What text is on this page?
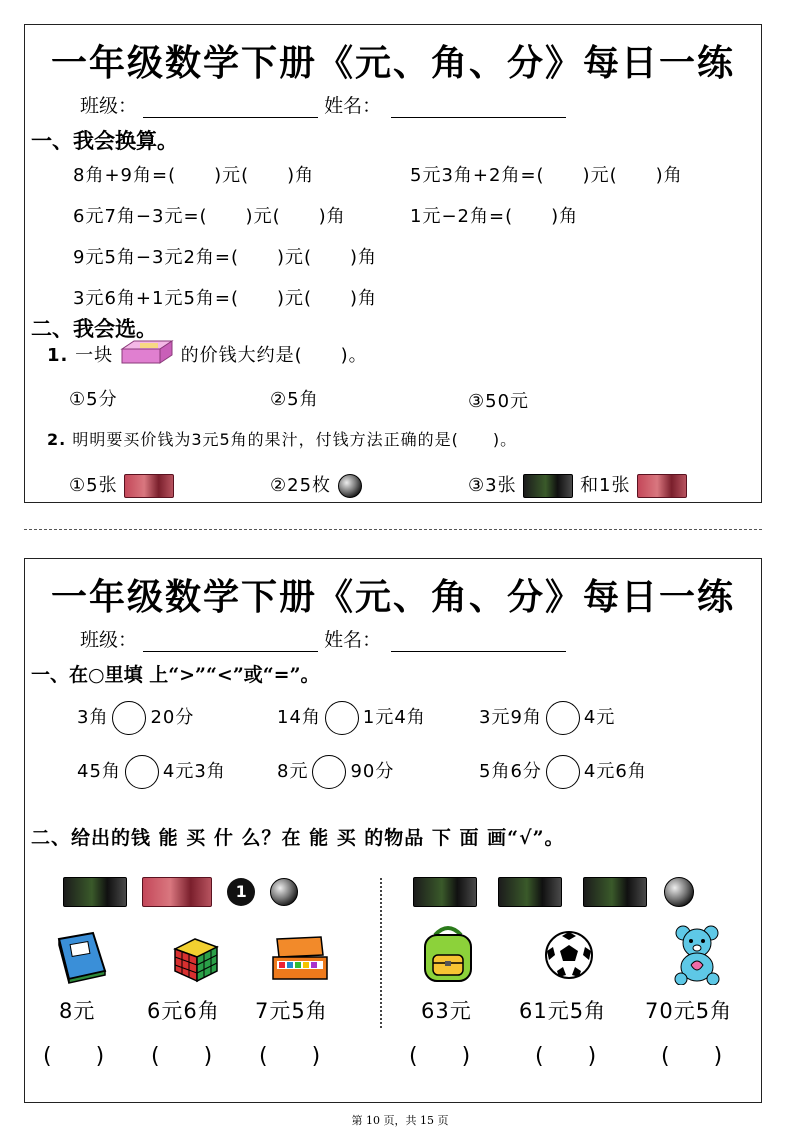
一年级数学下册《元、角、分》每日一练
班级：	姓名：
一、我会换算。
8角+9角=(　　)元(　　)角	5元3角+2角=(　　)元(　　)角
6元7角−3元=(　　)元(　　)角	1元−2角=(　　)角
9元5角−3元2角=(　　)元(　　)角
3元6角+1元5角=(　　)元(　　)角
二、我会选。
1. 一块	的价钱大约是(　　)。
①5分	②5角	③50元
2. 明明要买价钱为3元5角的果汁，付钱方法正确的是(　　)。
①5张	②25枚	③3张	和1张
一年级数学下册《元、角、分》每日一练
班级：	姓名：
一、在○里填 上“>”“<”或“=”。
3角 20分	14角 1元4角	3元9角 4元
45角 4元3角	8元 90分	5角6分 4元6角
二、给出的钱 能 买 什 么？在 能 买 的物品 下 面 画“√”。
1

8元 6元6角 7元5角
(　　) (　　) (　　)
63元 61元5角 70元5角
(　　)	(　　)	(　　)
第 10 页，共 15 页
